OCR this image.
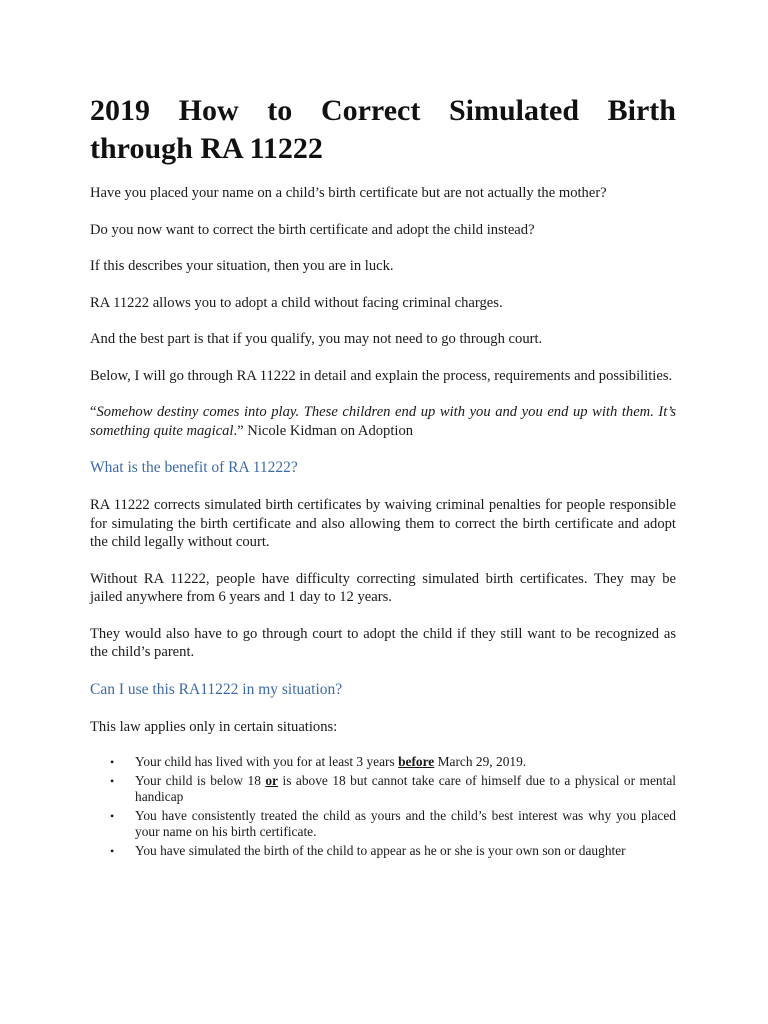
2019 How to Correct Simulated Birth
through RA 11222

Have you placed your name on a child’s birth certificate but are not actually the mother?

Do you now want to correct the birth certificate and adopt the child instead?

If this describes your situation, then you are in luck.

RA 11222 allows you to adopt a child without facing criminal charges.

And the best part is that if you qualify, you may not need to go through court.

Below, I will go through RA 11222 in detail and explain the process, requirements and possibilities.

“Somehow destiny comes into play. These children end up with you and you end up with them. It’s something quite magical.” Nicole Kidman on Adoption

What is the benefit of RA 11222?

RA 11222 corrects simulated birth certificates by waiving criminal penalties for people responsible for simulating the birth certificate and also allowing them to correct the birth certificate and adopt the child legally without court.

Without RA 11222, people have difficulty correcting simulated birth certificates. They may be jailed anywhere from 6 years and 1 day to 12 years.

They would also have to go through court to adopt the child if they still want to be recognized as the child’s parent.

Can I use this RA11222 in my situation?

This law applies only in certain situations:

• Your child has lived with you for at least 3 years before March 29, 2019.
• Your child is below 18 or is above 18 but cannot take care of himself due to a physical or mental handicap
• You have consistently treated the child as yours and the child’s best interest was why you placed your name on his birth certificate.
• You have simulated the birth of the child to appear as he or she is your own son or daughter
